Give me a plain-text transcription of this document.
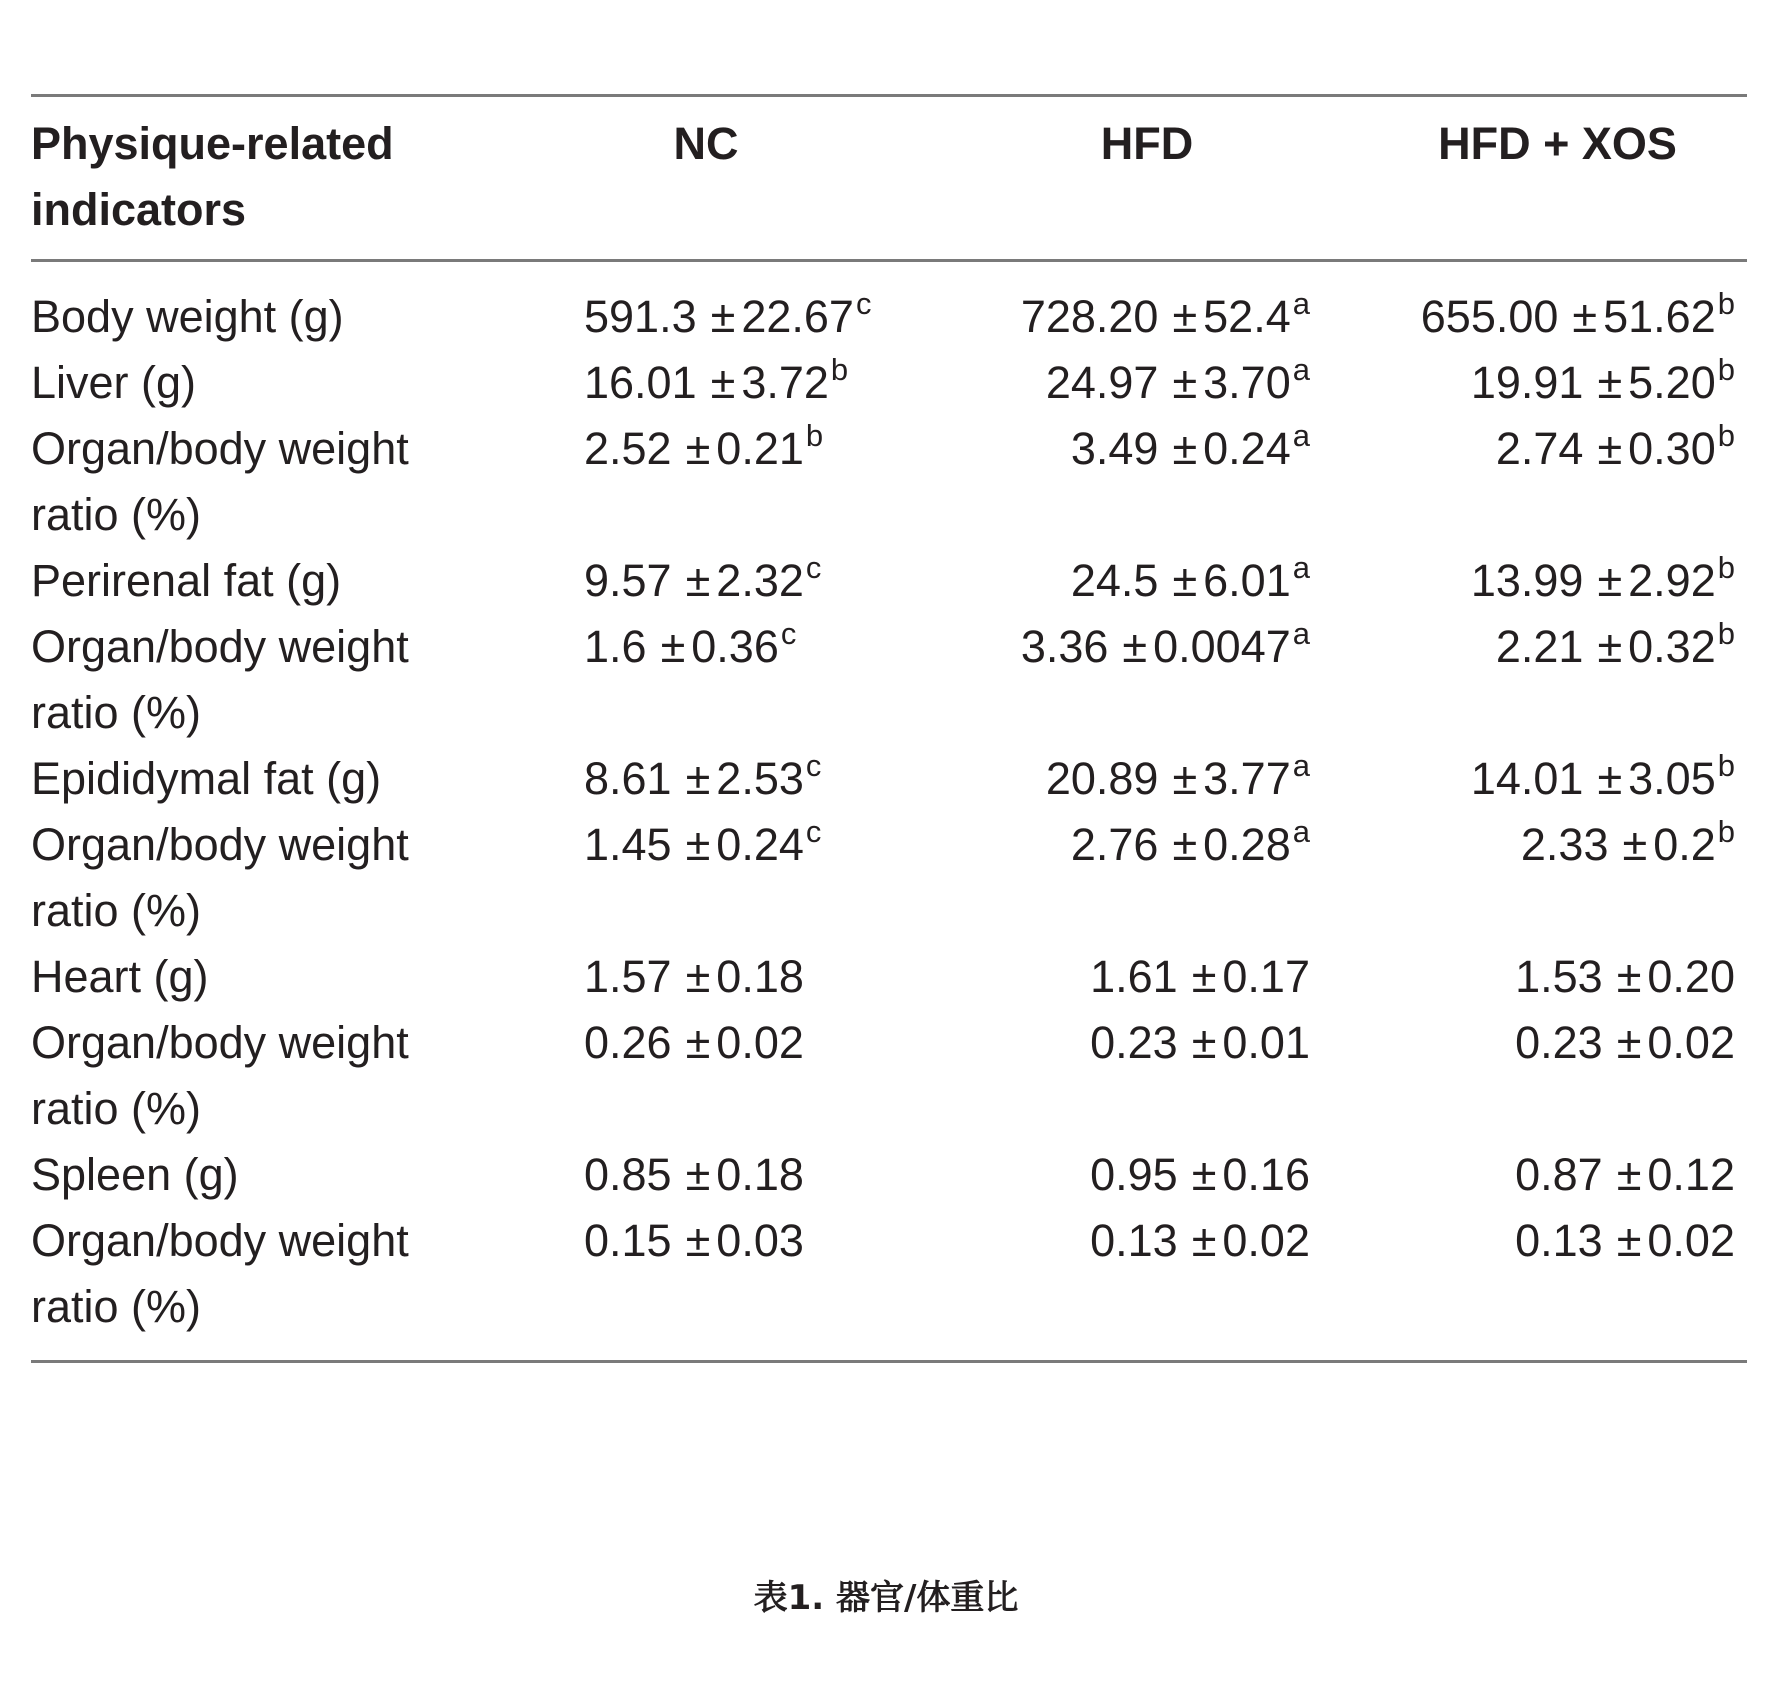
Physique-related indicators	NC	HFD	HFD + XOS
Body weight (g)	591.3 ± 22.67$^c$	728.20 ± 52.4$^a$	655.00 ± 51.62$^b$
Liver (g)	16.01 ± 3.72$^b$	24.97 ± 3.70$^a$	19.91 ± 5.20$^b$
Organ/body weight ratio (%)	2.52 ± 0.21$^b$	3.49 ± 0.24$^a$	2.74 ± 0.30$^b$
Perirenal fat (g)	9.57 ± 2.32$^c$	24.5 ± 6.01$^a$	13.99 ± 2.92$^b$
Organ/body weight ratio (%)	1.6 ± 0.36$^c$	3.36 ± 0.0047$^a$	2.21 ± 0.32$^b$
Epididymal fat (g)	8.61 ± 2.53$^c$	20.89 ± 3.77$^a$	14.01 ± 3.05$^b$
Organ/body weight ratio (%)	1.45 ± 0.24$^c$	2.76 ± 0.28$^a$	2.33 ± 0.2$^b$
Heart (g)	1.57 ± 0.18	1.61 ± 0.17	1.53 ± 0.20
Organ/body weight ratio (%)	0.26 ± 0.02	0.23 ± 0.01	0.23 ± 0.02
Spleen (g)	0.85 ± 0.18	0.95 ± 0.16	0.87 ± 0.12
Organ/body weight ratio (%)	0.15 ± 0.03	0.13 ± 0.02	0.13 ± 0.02
表1. 器官/体重比
